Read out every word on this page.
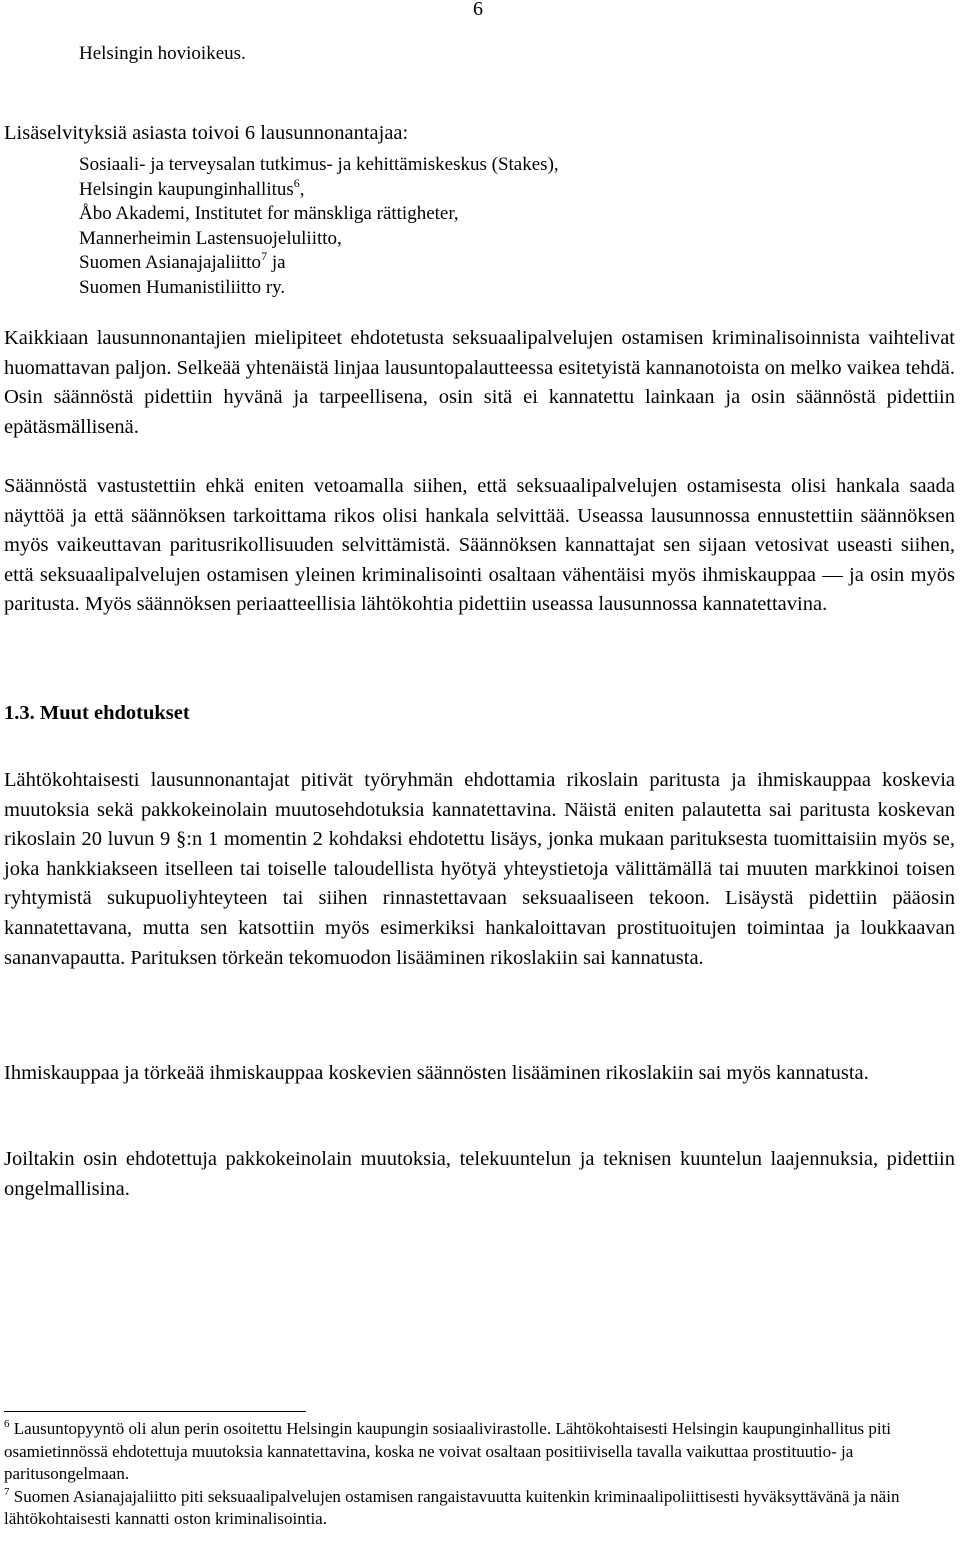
6
Helsingin hovioikeus.
Lisäselvityksiä asiasta toivoi 6 lausunnonantajaa:
Sosiaali- ja terveysalan tutkimus- ja kehittämiskeskus (Stakes),
Helsingin kaupunginhallitus$^6$,
Åbo Akademi, Institutet for mänskliga rättigheter,
Mannerheimin Lastensuojeluliitto,
Suomen Asianajajaliitto$^7$ ja
Suomen Humanistiliitto ry.

Kaikkiaan lausunnonantajien mielipiteet ehdotetusta seksuaalipalvelujen ostamisen kriminalisoinnista vaihtelivat huomattavan paljon. Selkeää yhtenäistä linjaa lausuntopalautteessa esitetyistä kannanotoista on melko vaikea tehdä. Osin säännöstä pidettiin hyvänä ja tarpeellisena, osin sitä ei kannatettu lainkaan ja osin säännöstä pidettiin epätäsmällisenä.

Säännöstä vastustettiin ehkä eniten vetoamalla siihen, että seksuaalipalvelujen ostamisesta olisi hankala saada näyttöä ja että säännöksen tarkoittama rikos olisi hankala selvittää. Useassa lausunnossa ennustettiin säännöksen myös vaikeuttavan paritusrikollisuuden selvittämistä. Säännöksen kannattajat sen sijaan vetosivat useasti siihen, että seksuaalipalvelujen ostamisen yleinen kriminalisointi osaltaan vähentäisi myös ihmiskauppaa — ja osin myös paritusta. Myös säännöksen periaatteellisia lähtökohtia pidettiin useassa lausunnossa kannatettavina.

1.3. Muut ehdotukset

Lähtökohtaisesti lausunnonantajat pitivät työryhmän ehdottamia rikoslain paritusta ja ihmiskauppaa koskevia muutoksia sekä pakkokeinolain muutosehdotuksia kannatettavina. Näistä eniten palautetta sai paritusta koskevan rikoslain 20 luvun 9 §:n 1 momentin 2 kohdaksi ehdotettu lisäys, jonka mukaan parituksesta tuomittaisiin myös se, joka hankkiakseen itselleen tai toiselle taloudellista hyötyä yhteystietoja välittämällä tai muuten markkinoi toisen ryhtymistä sukupuoliyhteyteen tai siihen rinnastettavaan seksuaaliseen tekoon. Lisäystä pidettiin pääosin kannatettavana, mutta sen katsottiin myös esimerkiksi hankaloittavan prostituoitujen toimintaa ja loukkaavan sananvapautta. Parituksen törkeän tekomuodon lisääminen rikoslakiin sai kannatusta.

Ihmiskauppaa ja törkeää ihmiskauppaa koskevien säännösten lisääminen rikoslakiin sai myös kannatusta.

Joiltakin osin ehdotettuja pakkokeinolain muutoksia, telekuuntelun ja teknisen kuuntelun laajennuksia, pidettiin ongelmallisina.

$^6$ Lausuntopyyntö oli alun perin osoitettu Helsingin kaupungin sosiaalivirastolle. Lähtökohtaisesti Helsingin kaupunginhallitus piti osamietinnössä ehdotettuja muutoksia kannatettavina, koska ne voivat osaltaan positiivisella tavalla vaikuttaa prostituutio- ja paritusongelmaan.

$^7$ Suomen Asianajajaliitto piti seksuaalipalvelujen ostamisen rangaistavuutta kuitenkin kriminaalipoliittisesti hyväksyttävänä ja näin lähtökohtaisesti kannatti oston kriminalisointia.
